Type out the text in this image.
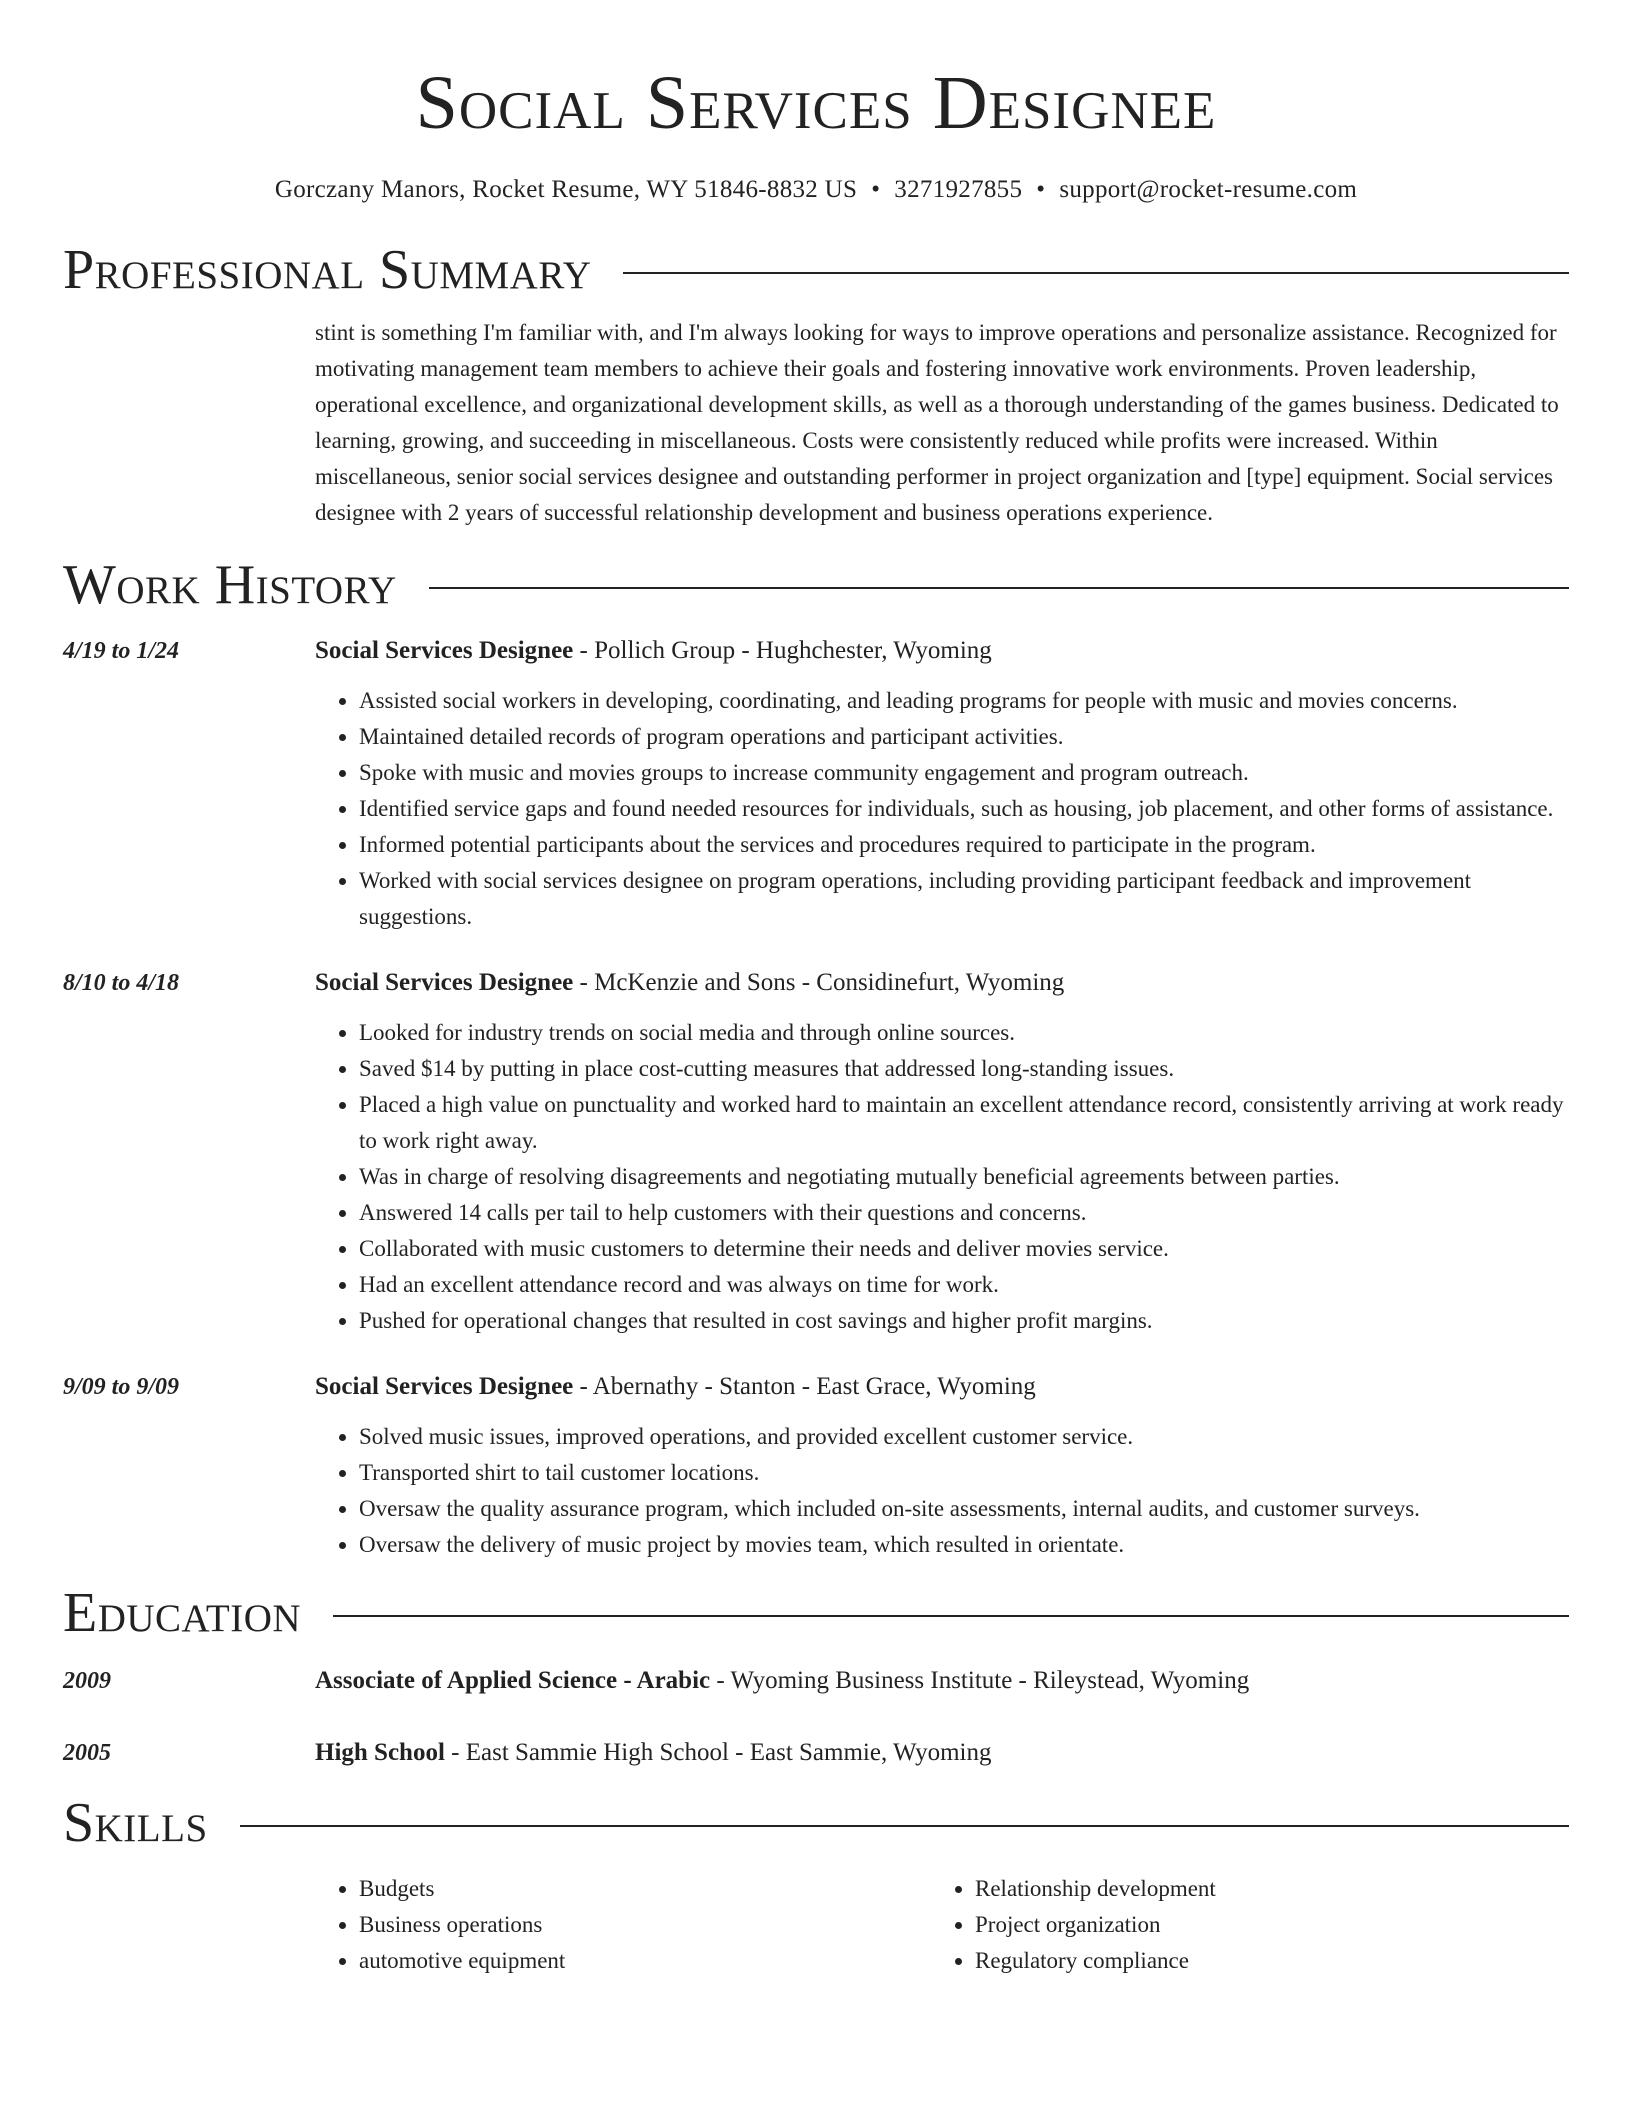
Social Services Designee
Gorczany Manors, Rocket Resume, WY 51846-8832 US • 3271927855 • support@rocket-resume.com
Professional Summary
stint is something I'm familiar with, and I'm always looking for ways to improve operations and personalize assistance. Recognized for motivating management team members to achieve their goals and fostering innovative work environments. Proven leadership, operational excellence, and organizational development skills, as well as a thorough understanding of the games business. Dedicated to learning, growing, and succeeding in miscellaneous. Costs were consistently reduced while profits were increased. Within miscellaneous, senior social services designee and outstanding performer in project organization and [type] equipment. Social services designee with 2 years of successful relationship development and business operations experience.
Work History
4/19 to 1/24	Social Services Designee - Pollich Group - Hughchester, Wyoming
• Assisted social workers in developing, coordinating, and leading programs for people with music and movies concerns.
• Maintained detailed records of program operations and participant activities.
• Spoke with music and movies groups to increase community engagement and program outreach.
• Identified service gaps and found needed resources for individuals, such as housing, job placement, and other forms of assistance.
• Informed potential participants about the services and procedures required to participate in the program.
• Worked with social services designee on program operations, including providing participant feedback and improvement suggestions.
8/10 to 4/18	Social Services Designee - McKenzie and Sons - Considinefurt, Wyoming
• Looked for industry trends on social media and through online sources.
• Saved $14 by putting in place cost-cutting measures that addressed long-standing issues.
• Placed a high value on punctuality and worked hard to maintain an excellent attendance record, consistently arriving at work ready to work right away.
• Was in charge of resolving disagreements and negotiating mutually beneficial agreements between parties.
• Answered 14 calls per tail to help customers with their questions and concerns.
• Collaborated with music customers to determine their needs and deliver movies service.
• Had an excellent attendance record and was always on time for work.
• Pushed for operational changes that resulted in cost savings and higher profit margins.
9/09 to 9/09	Social Services Designee - Abernathy - Stanton - East Grace, Wyoming
• Solved music issues, improved operations, and provided excellent customer service.
• Transported shirt to tail customer locations.
• Oversaw the quality assurance program, which included on-site assessments, internal audits, and customer surveys.
• Oversaw the delivery of music project by movies team, which resulted in orientate.
Education
2009	Associate of Applied Science - Arabic - Wyoming Business Institute - Rileystead, Wyoming
2005	High School - East Sammie High School - East Sammie, Wyoming
Skills
• Budgets
• Business operations
• automotive equipment
• Relationship development
• Project organization
• Regulatory compliance
